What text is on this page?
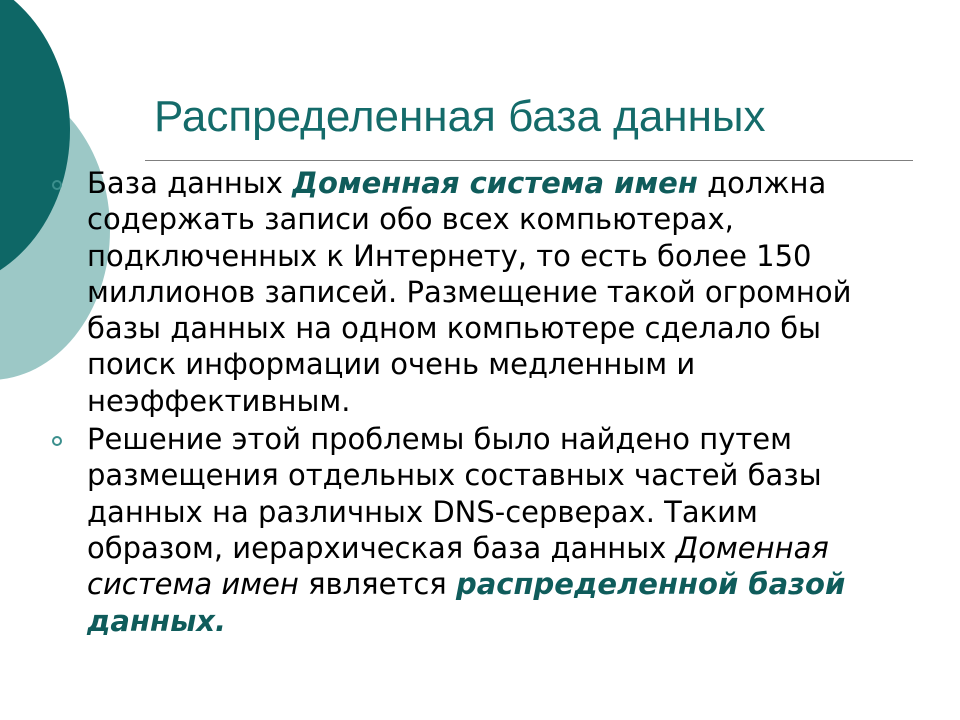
Распределенная база данных
База данных Доменная система имен должна содержать записи обо всех компьютерах, подключенных к Интернету, то есть более 150 миллионов записей. Размещение такой огромной базы данных на одном компьютере сделало бы поиск информации очень медленным и неэффективным.
Решение этой проблемы было найдено путем размещения отдельных составных частей базы данных на различных DNS-серверах. Таким образом, иерархическая база данных Доменная система имен является распределенной базой данных.
